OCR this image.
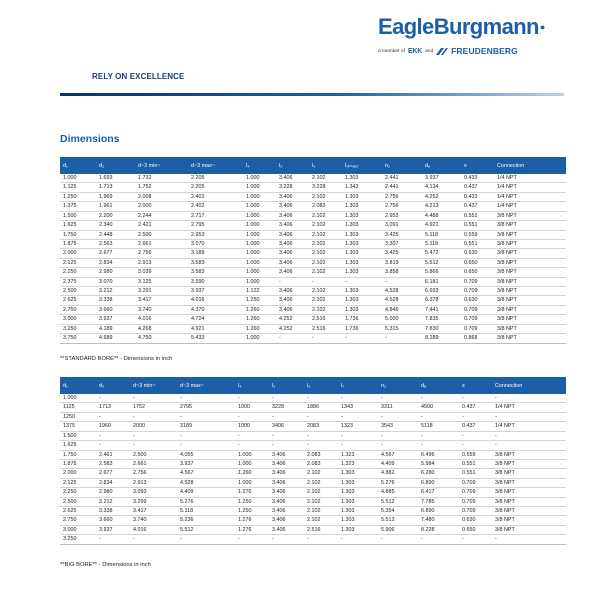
EagleBurgmann●
a member of EKK and FREUDENBERG
RELY ON EXCELLENCE
Dimensions
d₁	d₂	d~3 min~	d~3 max~	l₄	l₅	l₆	l₇₍ₘₐₓ₎	n₂	d₈	s	Connection
1.000	1.693	1.732	2.205	1.000	3.406	2.102	1.303	2.441	3.937	0.433	1/4 NPT
1.125	1.713	1.752	2.205	1.000	3.228	3.228	1.343	2.441	4.134	0.437	1/4 NPT
1.250	1.969	2.008	2.402	1.000	3.406	2.102	1.303	2.756	4.252	0.433	1/4 NPT
1.375	1.961	2.000	2.402	1.000	3.406	2.083	1.303	2.756	4.213	0.437	1/4 NPT
1.500	2.200	2.244	2.717	1.000	3.406	2.102	1.303	2.953	4.488	0.551	3/8 NPT
1.625	2.340	2.421	2.795	1.000	3.406	2.102	1.303	3.091	4.921	0.551	3/8 NPT
1.750	2.448	2.500	2.953	1.000	3.406	2.102	1.303	3.425	5.118	0.559	3/8 NPT
1.875	2.563	2.661	3.070	1.000	3.406	2.102	1.303	3.307	5.118	0.551	3/8 NPT
2.000	2.677	2.756	3.189	1.000	3.406	2.102	1.303	3.425	5.472	0.630	3/8 NPT
2.125	2.834	2.913	3.583	1.000	3.406	2.102	1.303	3.819	5.512	0.650	3/8 NPT
2.250	2.980	3.039	3.583	1.000	3.406	2.102	1.303	3.858	5.866	0.650	3/8 NPT
2.375	3.070	3.125	3.590	1.000	-	-	-	-	6.181	0.709	3/8 NPT
2.500	3.212	3.291	3.937	1.122	3.406	2.102	1.303	4.528	6.693	0.709	3/8 NPT
2.625	3.338	3.417	4.016	1.250	3.406	2.102	1.303	4.528	6.378	0.630	3/8 NPT
2.750	3.660	3.740	4.370	1.260	3.406	2.102	1.303	4.846	7.441	0.709	3/8 NPT
3.000	3.937	4.016	4.724	1.260	4.252	2.516	1.736	5.000	7.835	0.709	3/8 NPT
3.250	4.189	4.268	4.921	1.260	4.252	2.516	1.736	5.315	7.830	0.709	3/8 NPT
3.750	4.689	4.750	5.433	1.000	-	-	-	-	8.189	0.868	3/8 NPT
**STANDARD BORE** - Dimensions in inch
d₁	d₂	d~3 min~	d~3 max~	l₄	l₅	l₆	l₇	n₂	d₈	s	Connection
1.000	-	-	-	-	-	-	-	-	-	-	-
1125	1713	1752	2795	1000	3228	1886	1343	3311	4500	0.437	1/4 NPT
1250	-	-	-	-	-	-	-	-	-	-	-
1375	1960	2000	3189	1000	3406	2083	1323	3543	5118	0.437	1/4 NPT
1.500	-	-	-	-	-	-	-	-	-	-	-
1.625	-	-	-	-	-	-	-	-	-	-	-
1.750	2.461	2.500	4.055	1.000	3.406	2.083	1.323	4.567	6.496	0.559	3/8 NPT
1.875	2.583	2.661	3.937	1.000	3.406	2.083	1.323	4.409	5.984	0.551	3/8 NPT
2.000	2.677	2.756	4.567	1.260	3.406	2.102	1.303	4.882	6.280	0.551	3/8 NPT
2.125	2.834	2.913	4.528	1.000	3.406	2.102	1.303	5.276	6.890	0.709	3/8 NPT
2.250	2.980	3.093	4.409	1.276	3.406	2.102	1.303	4.885	6.417	0.709	3/8 NPT
2.500	3.212	3.299	5.276	1.250	3.406	2.102	1.303	5.512	7.785	0.709	3/8 NPT
2.625	3.338	3.417	5.118	1.250	3.406	2.102	1.303	5.354	6.890	0.709	3/8 NPT
2.750	3.660	3.740	5.236	1.276	3.406	2.102	1.303	5.512	7.480	0.630	3/8 NPT
3.000	3.937	4.016	5.512	1.276	3.406	2.516	1.303	5.906	8.228	0.650	3/8 NPT
3.250	-	-	-	-	-	-	-	-	-	-	-
**BIG BORE** - Dimensions in inch
